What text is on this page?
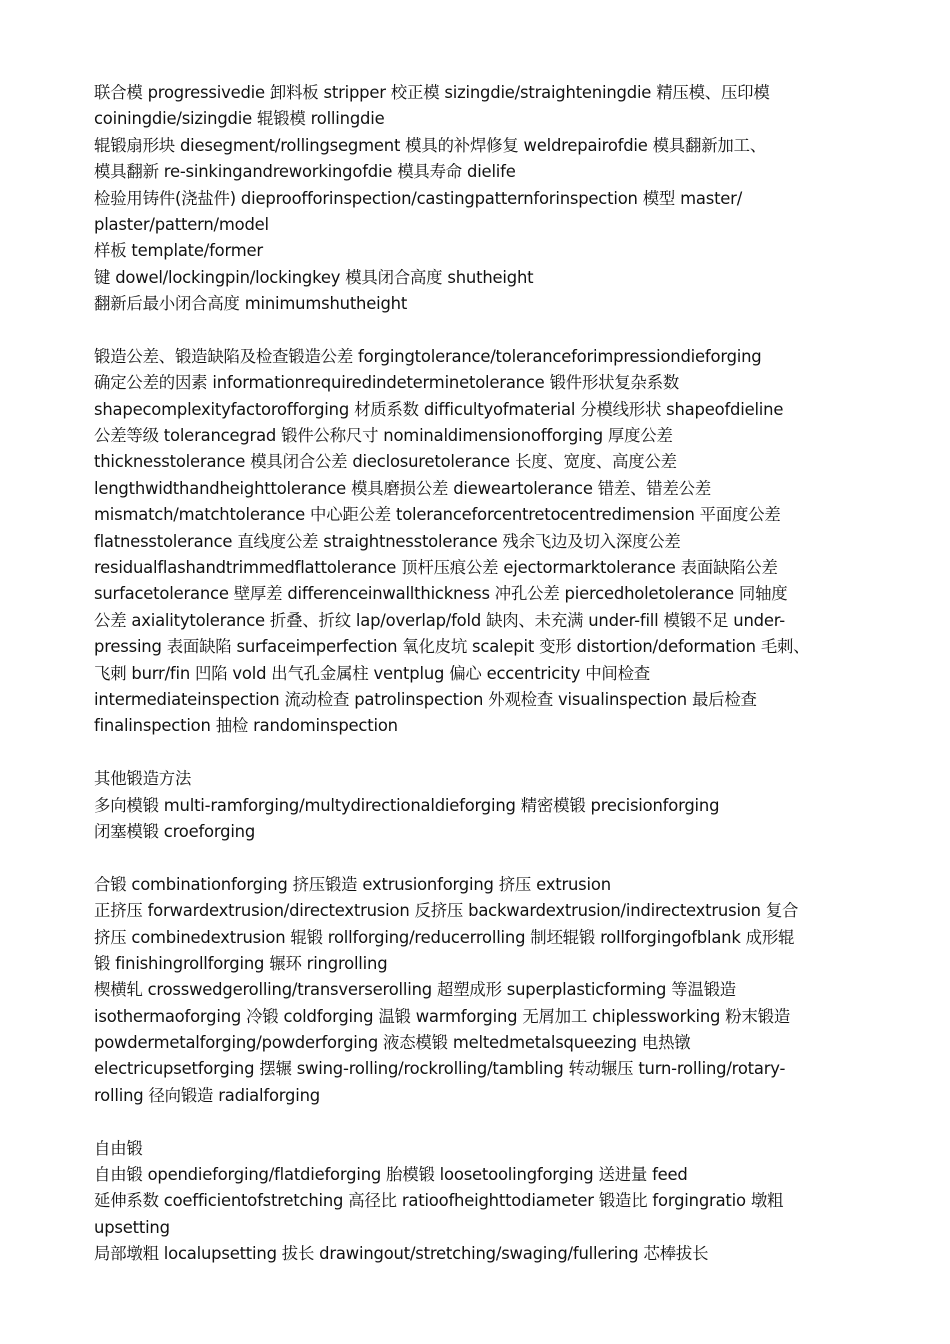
联合模 progressivedie 卸料板 stripper 校正模 sizingdie/straighteningdie 精压模、压印模
coiningdie/sizingdie 辊锻模 rollingdie
辊锻扇形块 diesegment/rollingsegment 模具的补焊修复 weldrepairofdie 模具翻新加工、
模具翻新 re-sinkingandreworkingofdie 模具寿命 dielife
检验用铸件(浇盐件) dieproofforinspection/castingpatternforinspection 模型 master/
plaster/pattern/model
样板 template/former
键 dowel/lockingpin/lockingkey 模具闭合高度 shutheight
翻新后最小闭合高度 minimumshutheight
锻造公差、锻造缺陷及检查锻造公差 forgingtolerance/toleranceforimpressiondieforging
确定公差的因素 informationrequiredindeterminetolerance 锻件形状复杂系数
shapecomplexityfactorofforging 材质系数 difficultyofmaterial 分模线形状 shapeofdieline
公差等级 tolerancegrad 锻件公称尺寸 nominaldimensionofforging 厚度公差
thicknesstolerance 模具闭合公差 dieclosuretolerance 长度、宽度、高度公差
lengthwidthandheighttolerance 模具磨损公差 dieweartolerance 错差、错差公差
mismatch/matchtolerance 中心距公差 toleranceforcentretocentredimension 平面度公差
flatnesstolerance 直线度公差 straightnesstolerance 残余飞边及切入深度公差
residualflashandtrimmedflattolerance 顶杆压痕公差 ejectormarktolerance 表面缺陷公差
surfacetolerance 壁厚差 differenceinwallthickness 冲孔公差 piercedholetolerance 同轴度
公差 axialitytolerance 折叠、折纹 lap/overlap/fold 缺肉、未充满 under-fill 模锻不足 under-
pressing 表面缺陷 surfaceimperfection 氧化皮坑 scalepit 变形 distortion/deformation 毛刺、
飞刺 burr/fin 凹陷 vold 出气孔金属柱 ventplug 偏心 eccentricity 中间检查
intermediateinspection 流动检查 patrolinspection 外观检查 visualinspection 最后检查
finalinspection 抽检 randominspection
其他锻造方法
多向模锻 multi-ramforging/multydirectionaldieforging 精密模锻 precisionforging
闭塞模锻 croeforging
合锻 combinationforging 挤压锻造 extrusionforging 挤压 extrusion
正挤压 forwardextrusion/directextrusion 反挤压 backwardextrusion/indirectextrusion 复合
挤压 combinedextrusion 辊锻 rollforging/reducerrolling 制坯辊锻 rollforgingofblank 成形辊
锻 finishingrollforging 辗环 ringrolling
楔横轧 crosswedgerolling/transverserolling 超塑成形 superplasticforming 等温锻造
isothermaoforging 冷锻 coldforging 温锻 warmforging 无屑加工 chiplessworking 粉末锻造
powdermetalforging/powderforging 液态模锻 meltedmetalsqueezing 电热镦
electricupsetforging 摆辗 swing-rolling/rockrolling/tambling 转动辗压 turn-rolling/rotary-
rolling 径向锻造 radialforging
自由锻
自由锻 opendieforging/flatdieforging 胎模锻 loosetoolingforging 送进量 feed
延伸系数 coefficientofstretching 高径比 ratioofheighttodiameter 锻造比 forgingratio 墩粗
upsetting
局部墩粗 localupsetting 拔长 drawingout/stretching/swaging/fullering 芯棒拔长
